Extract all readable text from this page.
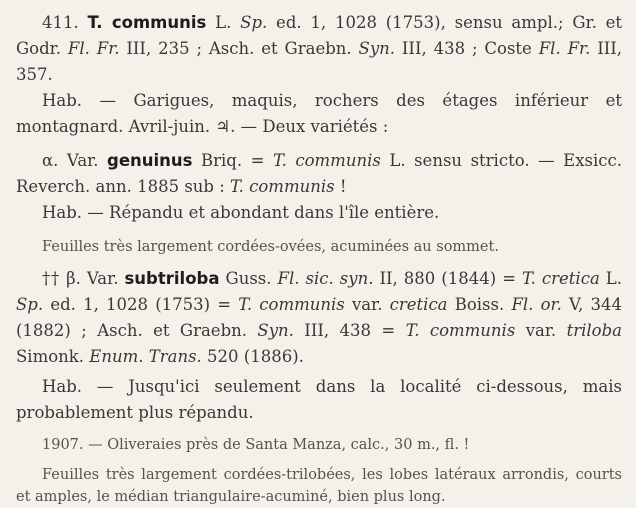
411. T. communis L. Sp. ed. 1, 1028 (1753), sensu ampl.; Gr. et Godr. Fl. Fr. III, 235 ; Asch. et Graebn. Syn. III, 438 ; Coste Fl. Fr. III, 357.

Hab. — Garigues, maquis, rochers des étages inférieur et montagnard. Avril-juin. ♃. — Deux variétés :

α. Var. genuinus Briq. = T. communis L. sensu stricto. — Exsicc. Reverch. ann. 1885 sub : T. communis !

Hab. — Répandu et abondant dans l'île entière.

Feuilles très largement cordées-ovées, acuminées au sommet.

†† β. Var. subtriloba Guss. Fl. sic. syn. II, 880 (1844) = T. cretica L. Sp. ed. 1, 1028 (1753) = T. communis var. cretica Boiss. Fl. or. V, 344 (1882) ; Asch. et Graebn. Syn. III, 438 = T. communis var. triloba Simonk. Enum. Trans. 520 (1886).

Hab. — Jusqu'ici seulement dans la localité ci-dessous, mais probablement plus répandu.

1907. — Oliveraies près de Santa Manza, calc., 30 m., fl. !

Feuilles très largement cordées-trilobées, les lobes latéraux arrondis, courts et amples, le médian triangulaire-acuminé, bien plus long.
